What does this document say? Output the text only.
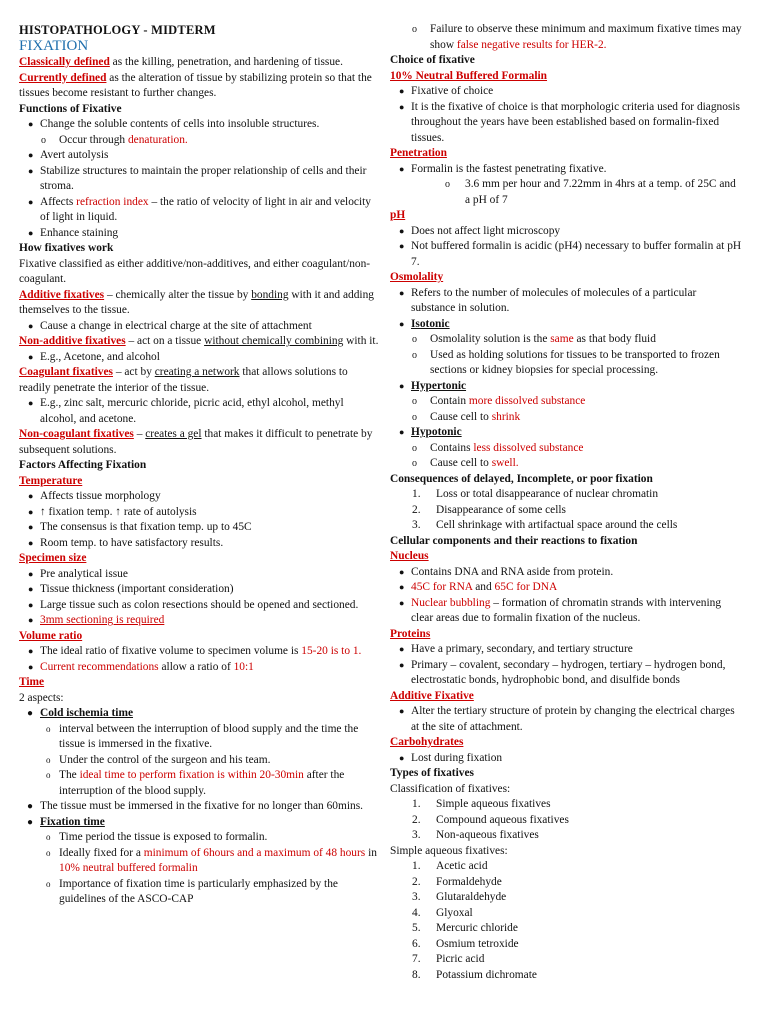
HISTOPATHOLOGY - MIDTERM
FIXATION

Classically defined as the killing, penetration, and hardening of tissue.

Currently defined as the alteration of tissue by stabilizing protein so that the tissues become resistant to further changes.

Functions of Fixative

● Change the soluble contents of cells into insoluble structures.
o Occur through denaturation.
● Avert autolysis
● Stabilize structures to maintain the proper relationship of cells and their stroma.
● Affects refraction index – the ratio of velocity of light in air and velocity of light in liquid.
● Enhance staining

How fixatives work

Fixative classified as either additive/non-additives, and either coagulant/non-coagulant.

Additive fixatives – chemically alter the tissue by bonding with it and adding themselves to the tissue.

● Cause a change in electrical charge at the site of attachment

Non-additive fixatives – act on a tissue without chemically combining with it.

● E.g., Acetone, and alcohol

Coagulant fixatives – act by creating a network that allows solutions to readily penetrate the interior of the tissue.

● E.g., zinc salt, mercuric chloride, picric acid, ethyl alcohol, methyl alcohol, and acetone.

Non-coagulant fixatives – creates a gel that makes it difficult to penetrate by subsequent solutions.

Factors Affecting Fixation

Temperature

● Affects tissue morphology
● ↑ fixation temp. ↑ rate of autolysis
● The consensus is that fixation temp. up to 45C
● Room temp. to have satisfactory results.

Specimen size

● Pre analytical issue
● Tissue thickness (important consideration)
● Large tissue such as colon resections should be opened and sectioned.
● 3mm sectioning is required

Volume ratio

● The ideal ratio of fixative volume to specimen volume is 15-20 is to 1.
● Current recommendations allow a ratio of 10:1

Time

2 aspects:

● Cold ischemia time
o interval between the interruption of blood supply and the time the tissue is immersed in the fixative.
o Under the control of the surgeon and his team.
o The ideal time to perform fixation is within 20-30min after the interruption of the blood supply.
● The tissue must be immersed in the fixative for no longer than 60mins.
● Fixation time
o Time period the tissue is exposed to formalin.
o Ideally fixed for a minimum of 6hours and a maximum of 48 hours in 10% neutral buffered formalin
o Importance of fixation time is particularly emphasized by the guidelines of the ASCO-CAP
o Failure to observe these minimum and maximum fixative times may show false negative results for HER-2.

Choice of fixative

10% Neutral Buffered Formalin

● Fixative of choice
● It is the fixative of choice is that morphologic criteria used for diagnosis throughout the years have been established based on formalin-fixed tissues.

Penetration

● Formalin is the fastest penetrating fixative.
o 3.6 mm per hour and 7.22mm in 4hrs at a temp. of 25C and a pH of 7

pH

● Does not affect light microscopy
● Not buffered formalin is acidic (pH4) necessary to buffer formalin at pH 7.

Osmolality

● Refers to the number of molecules of molecules of a particular substance in solution.
● Isotonic
o Osmolality solution is the same as that body fluid
o Used as holding solutions for tissues to be transported to frozen sections or kidney biopsies for special processing.
● Hypertonic
o Contain more dissolved substance
o Cause cell to shrink
● Hypotonic
o Contains less dissolved substance
o Cause cell to swell.

Consequences of delayed, Incomplete, or poor fixation

1. Loss or total disappearance of nuclear chromatin
2. Disappearance of some cells
3. Cell shrinkage with artifactual space around the cells

Cellular components and their reactions to fixation

Nucleus

● Contains DNA and RNA aside from protein.
● 45C for RNA and 65C for DNA
● Nuclear bubbling – formation of chromatin strands with intervening clear areas due to formalin fixation of the nucleus.

Proteins

● Have a primary, secondary, and tertiary structure
● Primary – covalent, secondary – hydrogen, tertiary – hydrogen bond, electrostatic bonds, hydrophobic bond, and disulfide bonds

Additive Fixative

● Alter the tertiary structure of protein by changing the electrical charges at the site of attachment.

Carbohydrates

● Lost during fixation

Types of fixatives

Classification of fixatives:

1. Simple aqueous fixatives
2. Compound aqueous fixatives
3. Non-aqueous fixatives

Simple aqueous fixatives:

1. Acetic acid
2. Formaldehyde
3. Glutaraldehyde
4. Glyoxal
5. Mercuric chloride
6. Osmium tetroxide
7. Picric acid
8. Potassium dichromate
